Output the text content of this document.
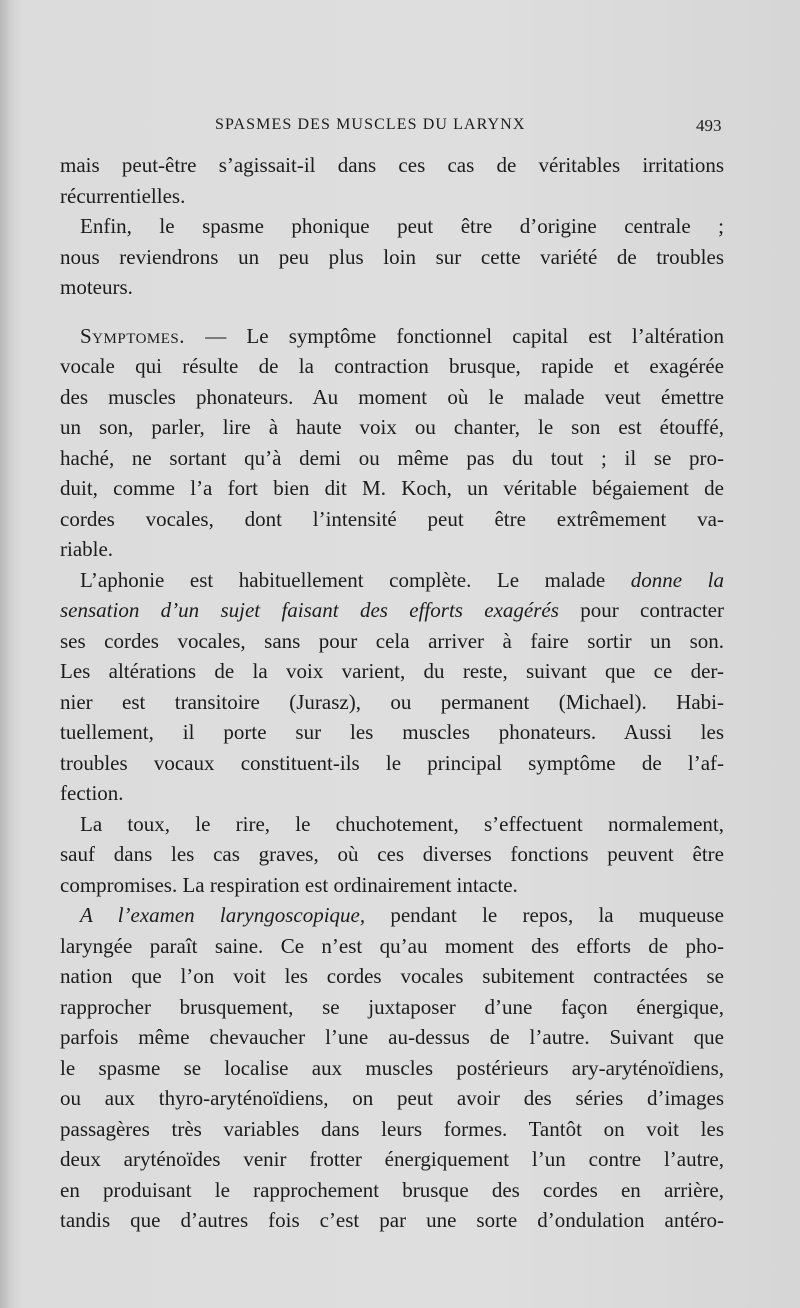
SPASMES DES MUSCLES DU LARYNX	493
mais peut-être s’agissait-il dans ces cas de véritables irritations
récurrentielles.
Enfin, le spasme phonique peut être d’origine centrale ;
nous reviendrons un peu plus loin sur cette variété de troubles
moteurs.
Symptomes. — Le symptôme fonctionnel capital est l’altération
vocale qui résulte de la contraction brusque, rapide et exagérée
des muscles phonateurs. Au moment où le malade veut émettre
un son, parler, lire à haute voix ou chanter, le son est étouffé,
haché, ne sortant qu’à demi ou même pas du tout ; il se pro-
duit, comme l’a fort bien dit M. Koch, un véritable bégaiement de
cordes vocales, dont l’intensité peut être extrêmement va-
riable.
L’aphonie est habituellement complète. Le malade donne la
sensation d’un sujet faisant des efforts exagérés pour contracter
ses cordes vocales, sans pour cela arriver à faire sortir un son.
Les altérations de la voix varient, du reste, suivant que ce der-
nier est transitoire (Jurasz), ou permanent (Michael). Habi-
tuellement, il porte sur les muscles phonateurs. Aussi les
troubles vocaux constituent-ils le principal symptôme de l’af-
fection.
La toux, le rire, le chuchotement, s’effectuent normalement,
sauf dans les cas graves, où ces diverses fonctions peuvent être
compromises. La respiration est ordinairement intacte.
A l’examen laryngoscopique, pendant le repos, la muqueuse
laryngée paraît saine. Ce n’est qu’au moment des efforts de pho-
nation que l’on voit les cordes vocales subitement contractées se
rapprocher brusquement, se juxtaposer d’une façon énergique,
parfois même chevaucher l’une au-dessus de l’autre. Suivant que
le spasme se localise aux muscles postérieurs ary-aryténoïdiens,
ou aux thyro-aryténoïdiens, on peut avoir des séries d’images
passagères très variables dans leurs formes. Tantôt on voit les
deux aryténoïdes venir frotter énergiquement l’un contre l’autre,
en produisant le rapprochement brusque des cordes en arrière,
tandis que d’autres fois c’est par une sorte d’ondulation antéro-
